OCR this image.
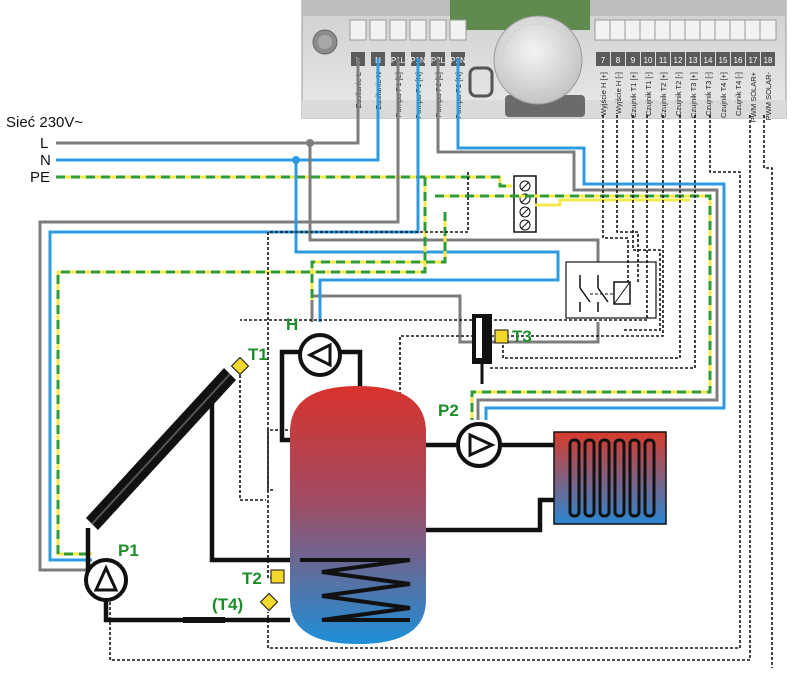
L
Zasilanie L
N
Zasilanie N
P1L
Pompa P1 [L]
P1N
Pompa P1 [N]
P2L
Pompa P2 [L]
P2N
Pompa P2 [N]
7
Wyjście H [+]
8
Wyjście H [-]
9
Czujnik T1 [+]
10
Czujnik T1 [-]
11
Czujnik T2 [+]
12
Czujnik T2 [-]
13
Czujnik T3 [+]
14
Czujnik T3 [-]
15
Czujnik T4 [+]
16
Czujnik T4 [-]
17
PWM SOLAR+
18
PWM SOLAR-
Sieć 230V~
L
N
PE
H
T1
T3
P2
P1
T2
(T4)
